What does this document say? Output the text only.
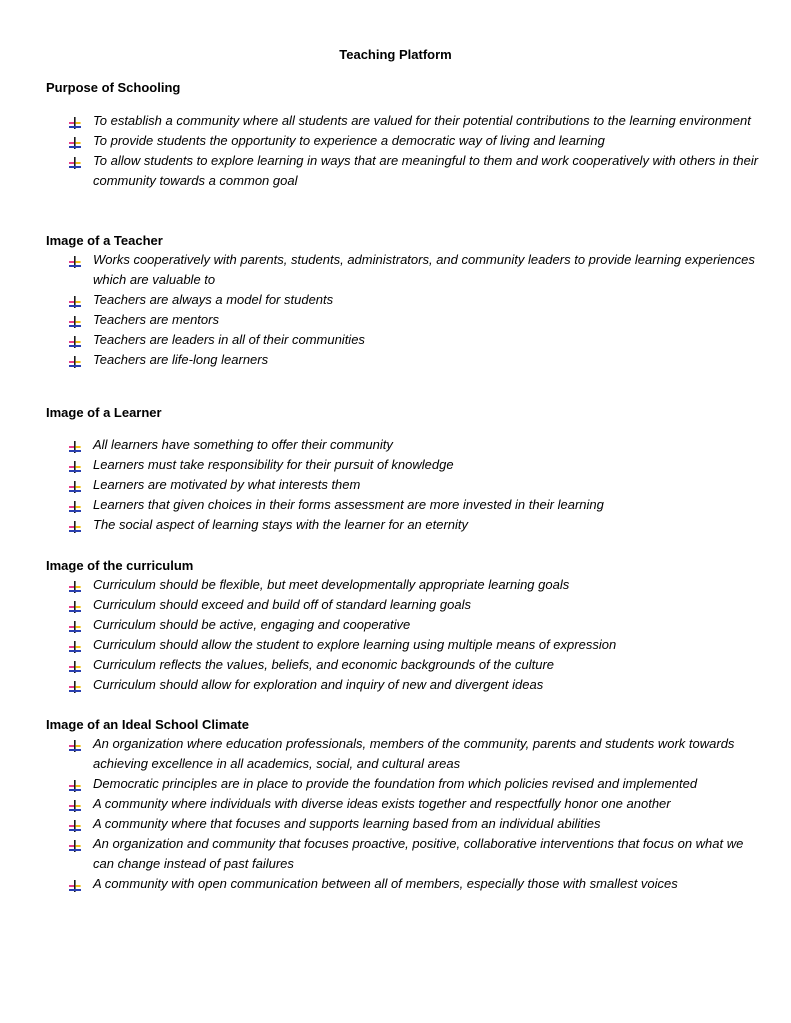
Teaching Platform
Purpose of Schooling
To establish a community where all students are valued for their potential contributions to the learning environment
To provide students the opportunity to experience a democratic way of living and learning
To allow students to explore learning in ways that are meaningful to them and work cooperatively with others in their community towards a common goal
Image of a Teacher
Works cooperatively with parents, students, administrators, and community leaders to provide learning experiences which are valuable to
Teachers are always a model for students
Teachers are mentors
Teachers are leaders in all of their communities
Teachers are life-long learners
Image of a Learner
All learners have something to offer their community
Learners must take responsibility for their pursuit of knowledge
Learners are motivated by what interests them
Learners that given choices in their forms assessment are more invested in their learning
The social aspect of learning stays with the learner for an eternity
Image of the curriculum
Curriculum should be flexible, but meet developmentally appropriate learning goals
Curriculum should exceed and build off of standard learning goals
Curriculum should be active, engaging and cooperative
Curriculum should allow the student to explore learning using multiple means of expression
Curriculum reflects the values, beliefs, and economic backgrounds of the culture
Curriculum should allow for exploration and inquiry of new and divergent ideas
Image of an Ideal School Climate
An organization where education professionals, members of the community, parents and students work towards achieving excellence in all academics, social, and cultural areas
Democratic principles are in place to provide the foundation from which policies revised and implemented
A community where individuals with diverse ideas exists together and respectfully honor one another
A community where that focuses and supports learning based from an individual abilities
An organization and community that focuses proactive, positive, collaborative interventions that focus on what we can change instead of past failures
A community with open communication between all of members, especially those with smallest voices
